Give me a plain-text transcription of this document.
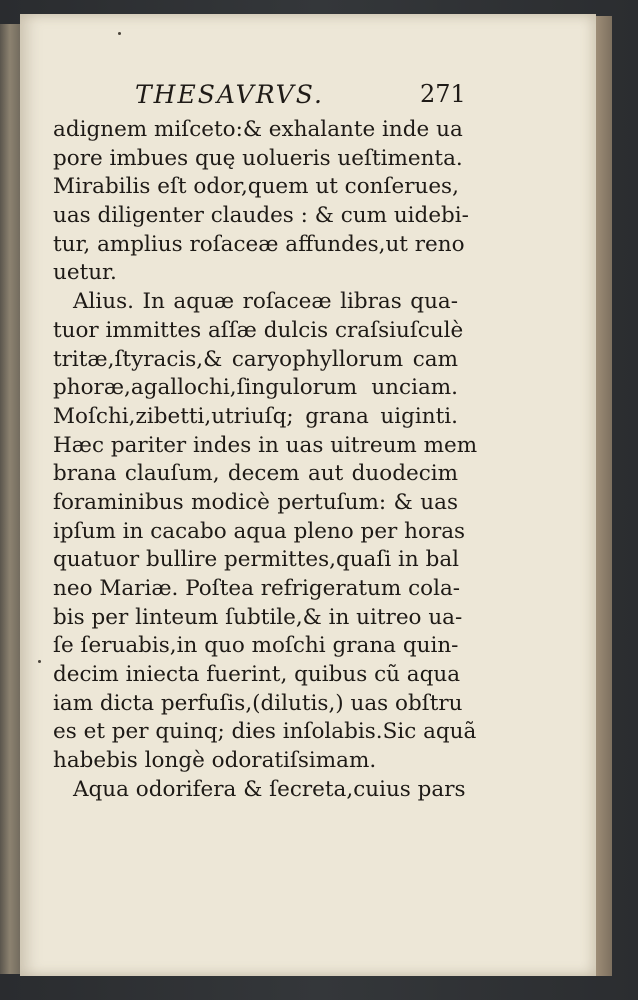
THESAVRVS.	271
adignem miſceto:& exhalante inde ua
pore imbues quę uolueris ueſtimenta.
Mirabilis eſt odor,quem ut conſerues,
uas diligenter claudes : & cum uidebi-
tur, amplius roſaceæ affundes,ut reno
uetur.
Alius. In aquæ roſaceæ libras qua-
tuor immittes aſſæ dulcis craſsiuſculè
tritæ,ſtyracis,& caryophyllorum cam
phoræ,agallochi,ſingulorum unciam.
Moſchi,zibetti,utriuſq; grana uiginti.
Hæc pariter indes in uas uitreum mem
brana clauſum, decem aut duodecim
foraminibus modicè pertuſum: & uas
ipſum in cacabo aqua pleno per horas
quatuor bullire permittes,quaſi in bal
neo Mariæ. Poſtea refrigeratum cola-
bis per linteum ſubtile,& in uitreo ua-
ſe ſeruabis,in quo moſchi grana quin-
decim iniecta fuerint, quibus cũ aqua
iam dicta perfuſis,(dilutis,) uas obſtru
es et per quinq; dies inſolabis.Sic aquã
habebis longè odoratiſsimam.
Aqua odorifera & ſecreta,cuius pars
